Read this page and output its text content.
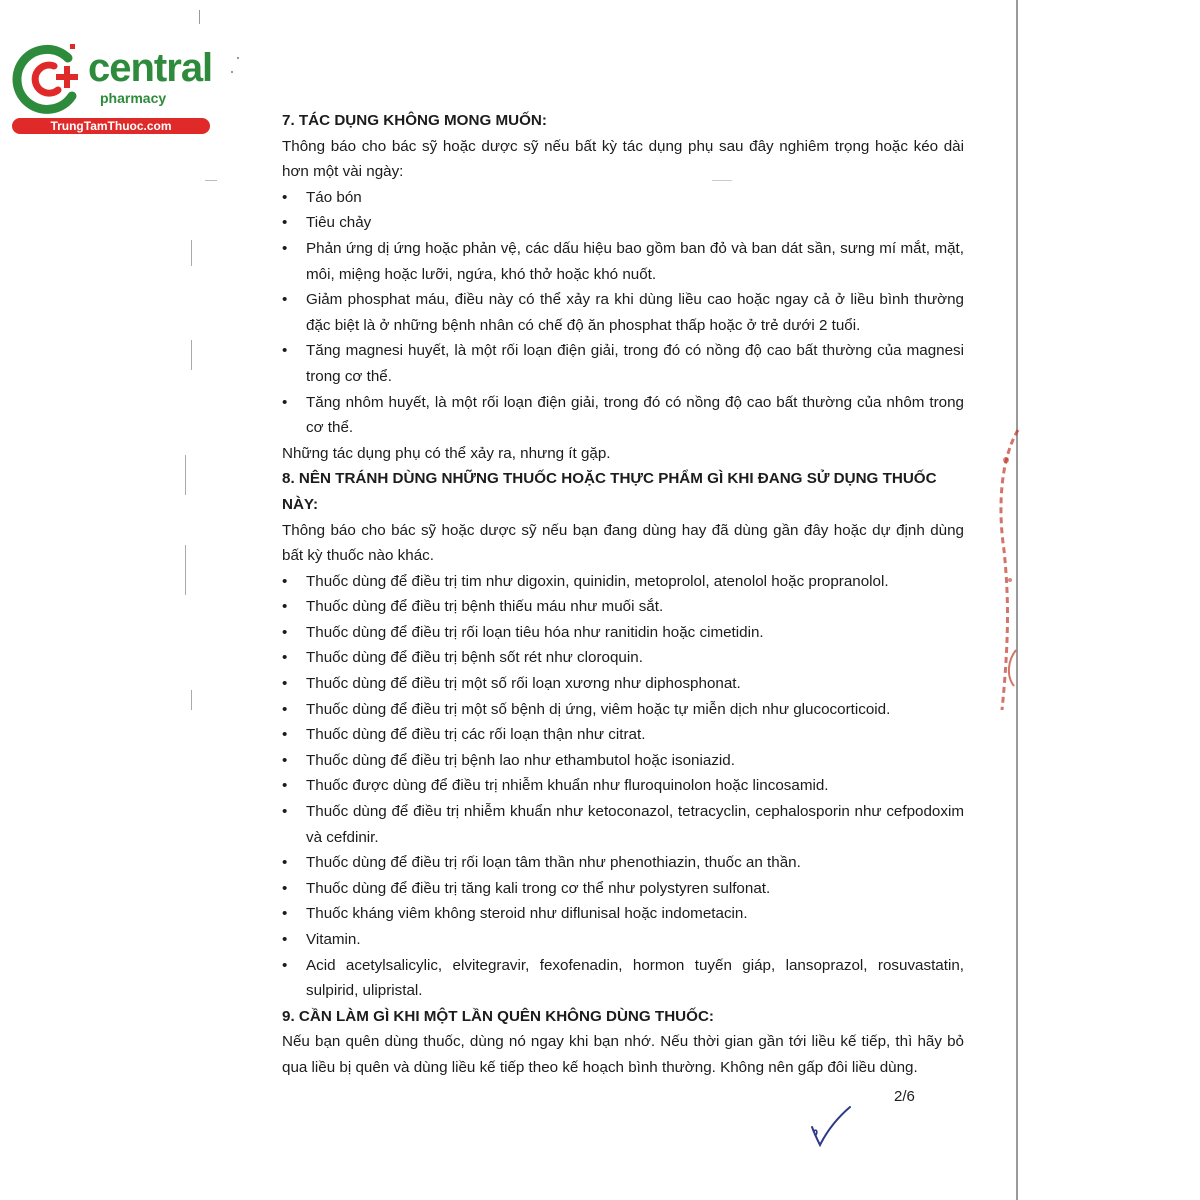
central
pharmacy
TrungTamThuoc.com	7. TÁC DỤNG KHÔNG MONG MUỐN:

Thông báo cho bác sỹ hoặc dược sỹ nếu bất kỳ tác dụng phụ sau đây nghiêm trọng hoặc kéo dài hơn một vài ngày:

• Táo bón
• Tiêu chảy
• Phản ứng dị ứng hoặc phản vệ, các dấu hiệu bao gồm ban đỏ và ban dát sần, sưng mí mắt, mặt, môi, miệng hoặc lưỡi, ngứa, khó thở hoặc khó nuốt.
• Giảm phosphat máu, điều này có thể xảy ra khi dùng liều cao hoặc ngay cả ở liều bình thường đặc biệt là ở những bệnh nhân có chế độ ăn phosphat thấp hoặc ở trẻ dưới 2 tuổi.
• Tăng magnesi huyết, là một rối loạn điện giải, trong đó có nồng độ cao bất thường của magnesi trong cơ thể.
• Tăng nhôm huyết, là một rối loạn điện giải, trong đó có nồng độ cao bất thường của nhôm trong cơ thể.

Những tác dụng phụ có thể xảy ra, nhưng ít gặp.

8. NÊN TRÁNH DÙNG NHỮNG THUỐC HOẶC THỰC PHẨM GÌ KHI ĐANG SỬ DỤNG THUỐC NÀY:

Thông báo cho bác sỹ hoặc dược sỹ nếu bạn đang dùng hay đã dùng gần đây hoặc dự định dùng bất kỳ thuốc nào khác.

• Thuốc dùng để điều trị tim như digoxin, quinidin, metoprolol, atenolol hoặc propranolol.
• Thuốc dùng để điều trị bệnh thiếu máu như muối sắt.
• Thuốc dùng để điều trị rối loạn tiêu hóa như ranitidin hoặc cimetidin.
• Thuốc dùng để điều trị bệnh sốt rét như cloroquin.
• Thuốc dùng để điều trị một số rối loạn xương như diphosphonat.
• Thuốc dùng để điều trị một số bệnh dị ứng, viêm hoặc tự miễn dịch như glucocorticoid.
• Thuốc dùng để điều trị các rối loạn thận như citrat.
• Thuốc dùng để điều trị bệnh lao như ethambutol hoặc isoniazid.
• Thuốc được dùng để điều trị nhiễm khuẩn như fluroquinolon hoặc lincosamid.
• Thuốc dùng để điều trị nhiễm khuẩn như ketoconazol, tetracyclin, cephalosporin như cefpodoxim và cefdinir.
• Thuốc dùng để điều trị rối loạn tâm thần như phenothiazin, thuốc an thần.
• Thuốc dùng để điều trị tăng kali trong cơ thể như polystyren sulfonat.
• Thuốc kháng viêm không steroid như diflunisal hoặc indometacin.
• Vitamin.
• Acid acetylsalicylic, elvitegravir, fexofenadin, hormon tuyến giáp, lansoprazol, rosuvastatin, sulpirid, ulipristal.
9. CẦN LÀM GÌ KHI MỘT LẦN QUÊN KHÔNG DÙNG THUỐC:

Nếu bạn quên dùng thuốc, dùng nó ngay khi bạn nhớ. Nếu thời gian gần tới liều kế tiếp, thì hãy bỏ qua liều bị quên và dùng liều kế tiếp theo kế hoạch bình thường. Không nên gấp đôi liều dùng.

2/6
